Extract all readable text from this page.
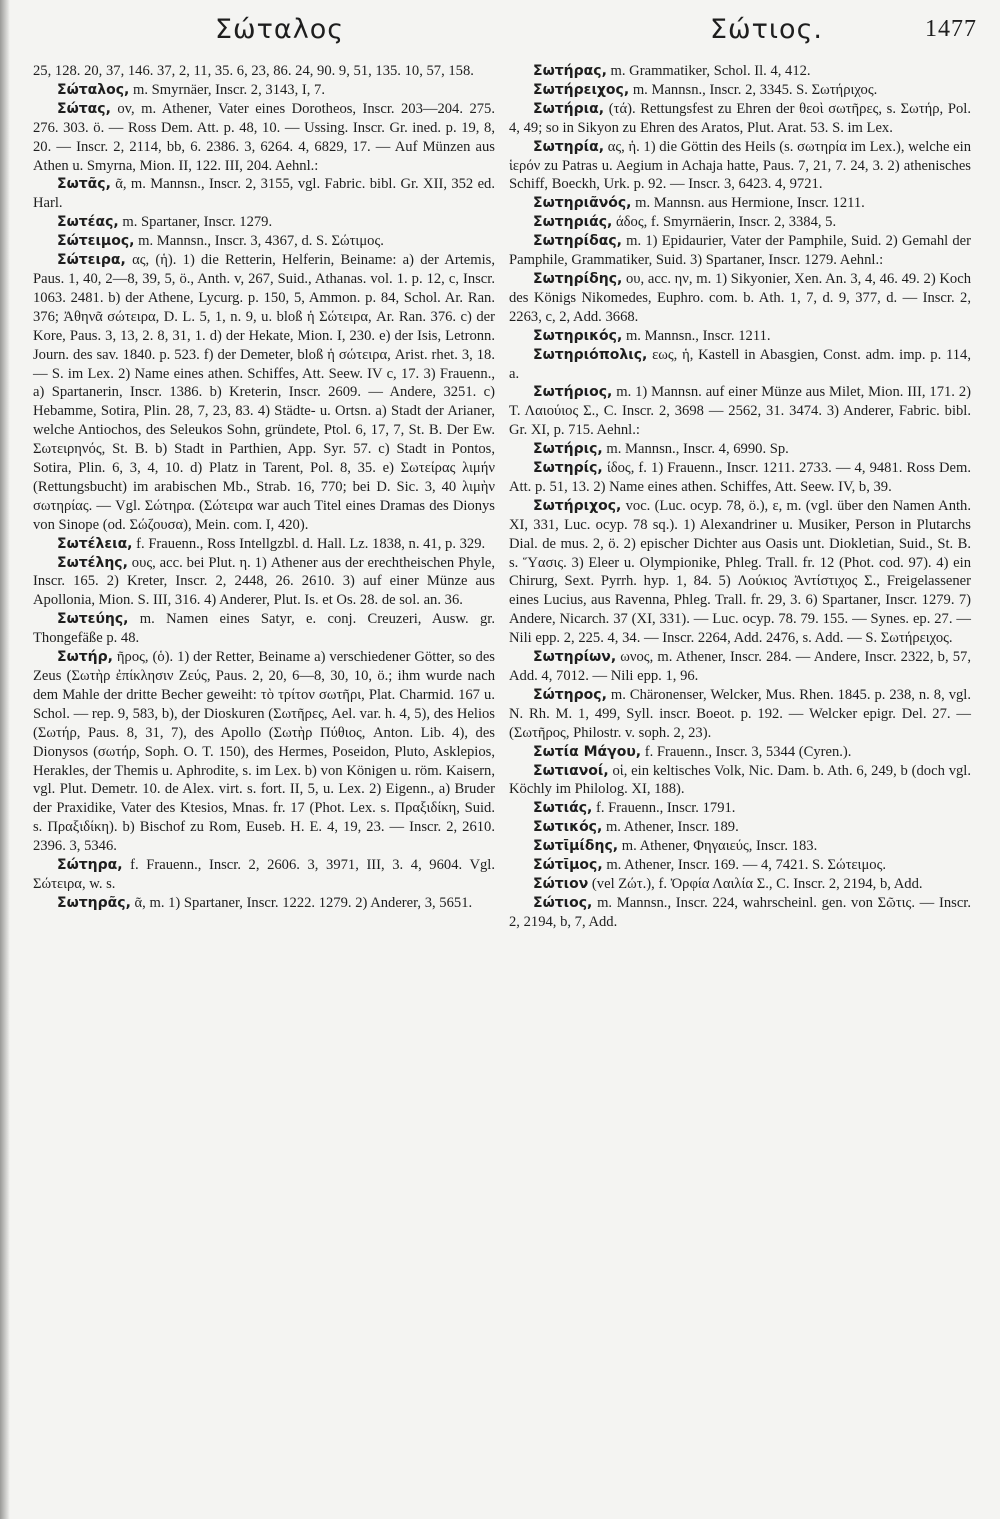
Σώταλος	Σώτιος.	1477

25, 128. 20, 37, 146. 37, 2, 11, 35. 6, 23, 86. 24, 90. 9, 51, 135. 10, 57, 158.

Σώταλος, m. Smyrnäer, Inscr. 2, 3143, I, 7.

Σώτας, ov, m. Athener, Vater eines Dorotheos, Inscr. 203—204. 275. 276. 303. ö. — Ross Dem. Att. p. 48, 10. — Ussing. Inscr. Gr. ined. p. 19, 8, 20. — Inscr. 2, 2114, bb, 6. 2386. 3, 6264. 4, 6829, 17. — Auf Münzen aus Athen u. Smyrna, Mion. II, 122. III, 204. Aehnl.:

Σωτᾶς, ᾶ, m. Mannsn., Inscr. 2, 3155, vgl. Fabric. bibl. Gr. XII, 352 ed. Harl.

Σωτέας, m. Spartaner, Inscr. 1279.

Σώτειμος, m. Mannsn., Inscr. 3, 4367, d. S. Σώτιμος.

Σώτειρα, ας, (ἡ). 1) die Retterin, Helferin, Beiname: a) der Artemis, Paus. 1, 40, 2—8, 39, 5, ö., Anth. v, 267, Suid., Athanas. vol. 1. p. 12, c, Inscr. 1063. 2481. b) der Athene, Lycurg. p. 150, 5, Ammon. p. 84, Schol. Ar. Ran. 376; Ἀθηνᾶ σώτειρα, D. L. 5, 1, n. 9, u. bloß ἡ Σώτειρα, Ar. Ran. 376. c) der Kore, Paus. 3, 13, 2. 8, 31, 1. d) der Hekate, Mion. I, 230. e) der Isis, Letronn. Journ. des sav. 1840. p. 523. f) der Demeter, bloß ἡ σώτειρα, Arist. rhet. 3, 18. — S. im Lex. 2) Name eines athen. Schiffes, Att. Seew. IV c, 17. 3) Frauenn., a) Spartanerin, Inscr. 1386. b) Kreterin, Inscr. 2609. — Andere, 3251. c) Hebamme, Sotira, Plin. 28, 7, 23, 83. 4) Städte- u. Ortsn. a) Stadt der Arianer, welche Antiochos, des Seleukos Sohn, gründete, Ptol. 6, 17, 7, St. B. Der Ew. Σωτειρηνός, St. B. b) Stadt in Parthien, App. Syr. 57. c) Stadt in Pontos, Sotira, Plin. 6, 3, 4, 10. d) Platz in Tarent, Pol. 8, 35. e) Σωτείρας λιμήν (Rettungsbucht) im arabischen Mb., Strab. 16, 770; bei D. Sic. 3, 40 λιμὴν σωτηρίας. — Vgl. Σώτηρα. (Σώτειρα war auch Titel eines Dramas des Dionys von Sinope (od. Σώζουσα), Mein. com. I, 420).

Σωτέλεια, f. Frauenn., Ross Intellgzbl. d. Hall. Lz. 1838, n. 41, p. 329.

Σωτέλης, ους, acc. bei Plut. η. 1) Athener aus der erechtheischen Phyle, Inscr. 165. 2) Kreter, Inscr. 2, 2448, 26. 2610. 3) auf einer Münze aus Apollonia, Mion. S. III, 316. 4) Anderer, Plut. Is. et Os. 28. de sol. an. 36.

Σωτεύης, m. Namen eines Satyr, e. conj. Creuzeri, Ausw. gr. Thongefäße p. 48.

Σωτήρ, ῆρος, (ὁ). 1) der Retter, Beiname a) verschiedener Götter, so des Zeus (Σωτὴρ ἐπίκλησιν Ζεύς, Paus. 2, 20, 6—8, 30, 10, ö.; ihm wurde nach dem Mahle der dritte Becher geweiht: τὸ τρίτον σωτῆρι, Plat. Charmid. 167 u. Schol. — rep. 9, 583, b), der Dioskuren (Σωτῆρες, Ael. var. h. 4, 5), des Helios (Σωτήρ, Paus. 8, 31, 7), des Apollo (Σωτὴρ Πύθιος, Anton. Lib. 4), des Dionysos (σωτήρ, Soph. O. T. 150), des Hermes, Poseidon, Pluto, Asklepios, Herakles, der Themis u. Aphrodite, s. im Lex. b) von Königen u. röm. Kaisern, vgl. Plut. Demetr. 10. de Alex. virt. s. fort. II, 5, u. Lex. 2) Eigenn., a) Bruder der Praxidike, Vater des Ktesios, Mnas. fr. 17 (Phot. Lex. s. Πραξιδίκη, Suid. s. Πραξιδίκη). b) Bischof zu Rom, Euseb. H. E. 4, 19, 23. — Inscr. 2, 2610. 2396. 3, 5346.

Σώτηρα, f. Frauenn., Inscr. 2, 2606. 3, 3971, III, 3. 4, 9604. Vgl. Σώτειρα, w. s.

Σωτηρᾶς, ᾶ, m. 1) Spartaner, Inscr. 1222. 1279. 2) Anderer, 3, 5651.

Σωτήρας, m. Grammatiker, Schol. Il. 4, 412.

Σωτήρειχος, m. Mannsn., Inscr. 2, 3345. S. Σωτήριχος.

Σωτήρια, (τά). Rettungsfest zu Ehren der θεοὶ σωτῆρες, s. Σωτήρ, Pol. 4, 49; so in Sikyon zu Ehren des Aratos, Plut. Arat. 53. S. im Lex.

Σωτηρία, ας, ἡ. 1) die Göttin des Heils (s. σωτηρία im Lex.), welche ein ἱερόν zu Patras u. Aegium in Achaja hatte, Paus. 7, 21, 7. 24, 3. 2) athenisches Schiff, Boeckh, Urk. p. 92. — Inscr. 3, 6423. 4, 9721.

Σωτηριᾶνός, m. Mannsn. aus Hermione, Inscr. 1211.

Σωτηριάς, άδος, f. Smyrnäerin, Inscr. 2, 3384, 5.

Σωτηρίδας, m. 1) Epidaurier, Vater der Pamphile, Suid. 2) Gemahl der Pamphile, Grammatiker, Suid. 3) Spartaner, Inscr. 1279. Aehnl.:

Σωτηρίδης, ου, acc. ην, m. 1) Sikyonier, Xen. An. 3, 4, 46. 49. 2) Koch des Königs Nikomedes, Euphro. com. b. Ath. 1, 7, d. 9, 377, d. — Inscr. 2, 2263, c, 2, Add. 3668.

Σωτηρικός, m. Mannsn., Inscr. 1211.

Σωτηριόπολις, εως, ἡ, Kastell in Abasgien, Const. adm. imp. p. 114, a.

Σωτήριος, m. 1) Mannsn. auf einer Münze aus Milet, Mion. III, 171. 2) Τ. Λαιούιος Σ., C. Inscr. 2, 3698 — 2562, 31. 3474. 3) Anderer, Fabric. bibl. Gr. XI, p. 715. Aehnl.:

Σωτήρις, m. Mannsn., Inscr. 4, 6990. Sp.

Σωτηρίς, ίδος, f. 1) Frauenn., Inscr. 1211. 2733. — 4, 9481. Ross Dem. Att. p. 51, 13. 2) Name eines athen. Schiffes, Att. Seew. IV, b, 39.

Σωτήριχος, voc. (Luc. ocyp. 78, ö.), ε, m. (vgl. über den Namen Anth. XI, 331, Luc. ocyp. 78 sq.). 1) Alexandriner u. Musiker, Person in Plutarchs Dial. de mus. 2, ö. 2) epischer Dichter aus Oasis unt. Diokletian, Suid., St. B. s. Ὕασις. 3) Eleer u. Olympionike, Phleg. Trall. fr. 12 (Phot. cod. 97). 4) ein Chirurg, Sext. Pyrrh. hyp. 1, 84. 5) Λούκιος Ἀντίστιχος Σ., Freigelassener eines Lucius, aus Ravenna, Phleg. Trall. fr. 29, 3. 6) Spartaner, Inscr. 1279. 7) Andere, Nicarch. 37 (XI, 331). — Luc. ocyp. 78. 79. 155. — Synes. ep. 27. — Nili epp. 2, 225. 4, 34. — Inscr. 2264, Add. 2476, s. Add. — S. Σωτήρειχος.

Σωτηρίων, ωνος, m. Athener, Inscr. 284. — Andere, Inscr. 2322, b, 57, Add. 4, 7012. — Nili epp. 1, 96.

Σώτηρος, m. Chäronenser, Welcker, Mus. Rhen. 1845. p. 238, n. 8, vgl. N. Rh. M. 1, 499, Syll. inscr. Boeot. p. 192. — Welcker epigr. Del. 27. — (Σωτῆρος, Philostr. v. soph. 2, 23).

Σωτία Μάγου, f. Frauenn., Inscr. 3, 5344 (Cyren.).

Σωτιανοί, οἱ, ein keltisches Volk, Nic. Dam. b. Ath. 6, 249, b (doch vgl. Köchly im Philolog. XI, 188).

Σωτιάς, f. Frauenn., Inscr. 1791.

Σωτικός, m. Athener, Inscr. 189.

Σωτῑμίδης, m. Athener, Φηγαιεύς, Inscr. 183.

Σώτῑμος, m. Athener, Inscr. 169. — 4, 7421. S. Σώτειμος.

Σώτιον (vel Ζώτ.), f. Ὀρφία Λαιλία Σ., C. Inscr. 2, 2194, b, Add.

Σώτιος, m. Mannsn., Inscr. 224, wahrscheinl. gen. von Σῶτις. — Inscr. 2, 2194, b, 7, Add.
